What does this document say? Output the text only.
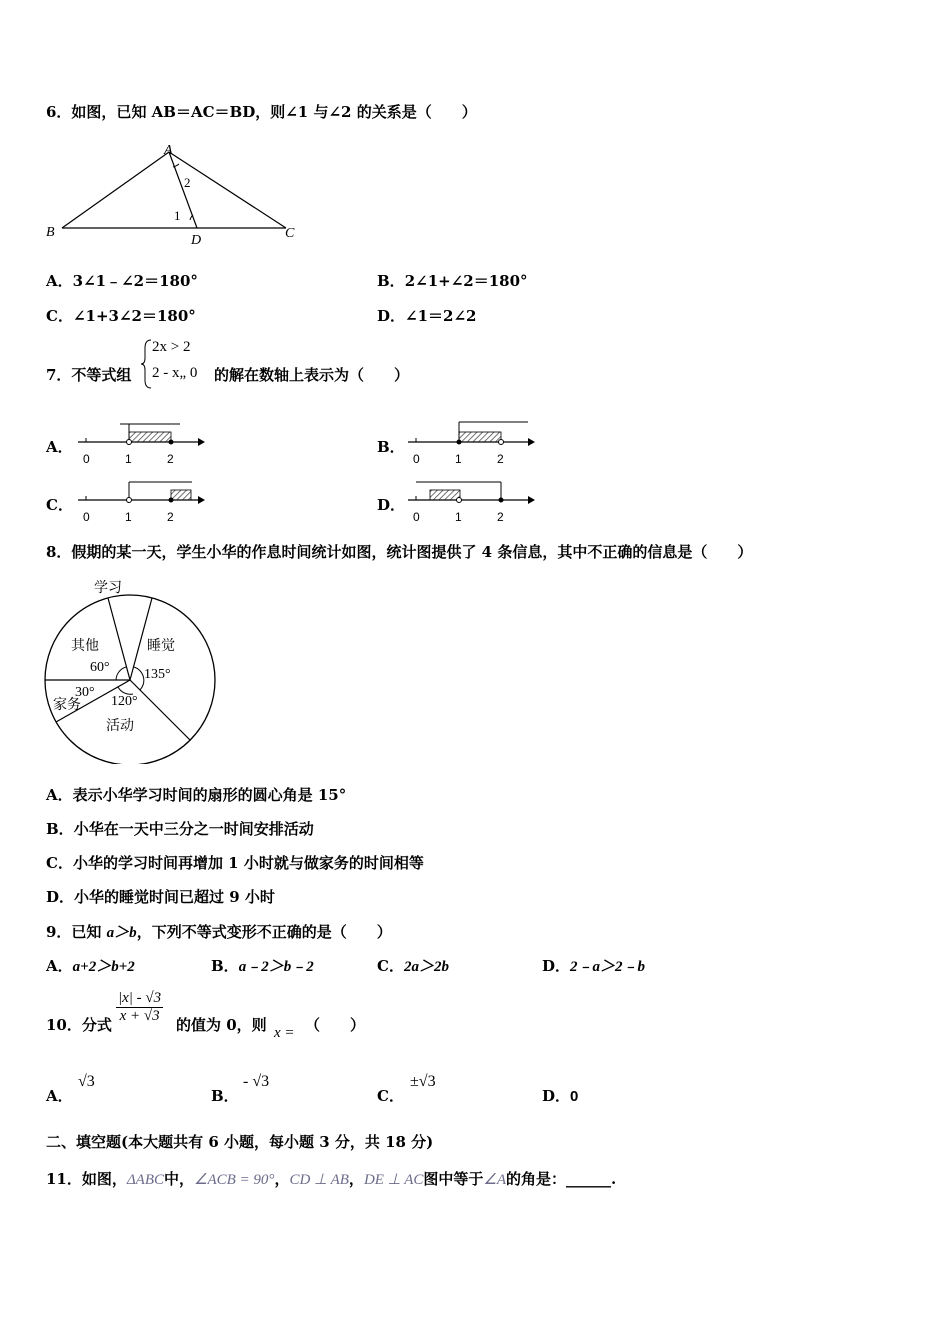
6．如图，已知 AB＝AC＝BD，则∠1 与∠2 的关系是（　　）
A
B	C
D
1
2
A．3∠1﹣∠2＝180°	B．2∠1+∠2＝180°
C．∠1+3∠2＝180°	D．∠1＝2∠2
7．不等式组
2x > 2
2 - x„ 0 的解在数轴上表示为（　　）
A．
0	1	2
B．
0	1	2
C．
0	1	2
D．
0	1	2
8．假期的某一天，学生小华的作息时间统计如图，统计图提供了 4 条信息，其中不正确的信息是（　　）
学习
睡觉
135°
其他
60°
30°
家务 120°
活动
A．表示小华学习时间的扇形的圆心角是 15°
B．小华在一天中三分之一时间安排活动
C．小华的学习时间再增加 1 小时就与做家务的时间相等
D．小华的睡觉时间已超过 9 小时
9．已知 a＞b，下列不等式变形不正确的是（　　）
A．a+2＞b+2	B．a﹣2＞b﹣2	C．2a＞2b	D．2﹣a＞2﹣b
10．分式 $\frac{|x| - √3}{x + √3}$ 的值为 0，则 x = （　　）
A．
√3
B．
- √3
C．
±√3
D．0
二、填空题(本大题共有 6 小题，每小题 3 分，共 18 分)
11．如图，ΔABC中，∠ACB = 90°，CD ⊥ AB，DE ⊥ AC图中等于∠A的角是：______.
